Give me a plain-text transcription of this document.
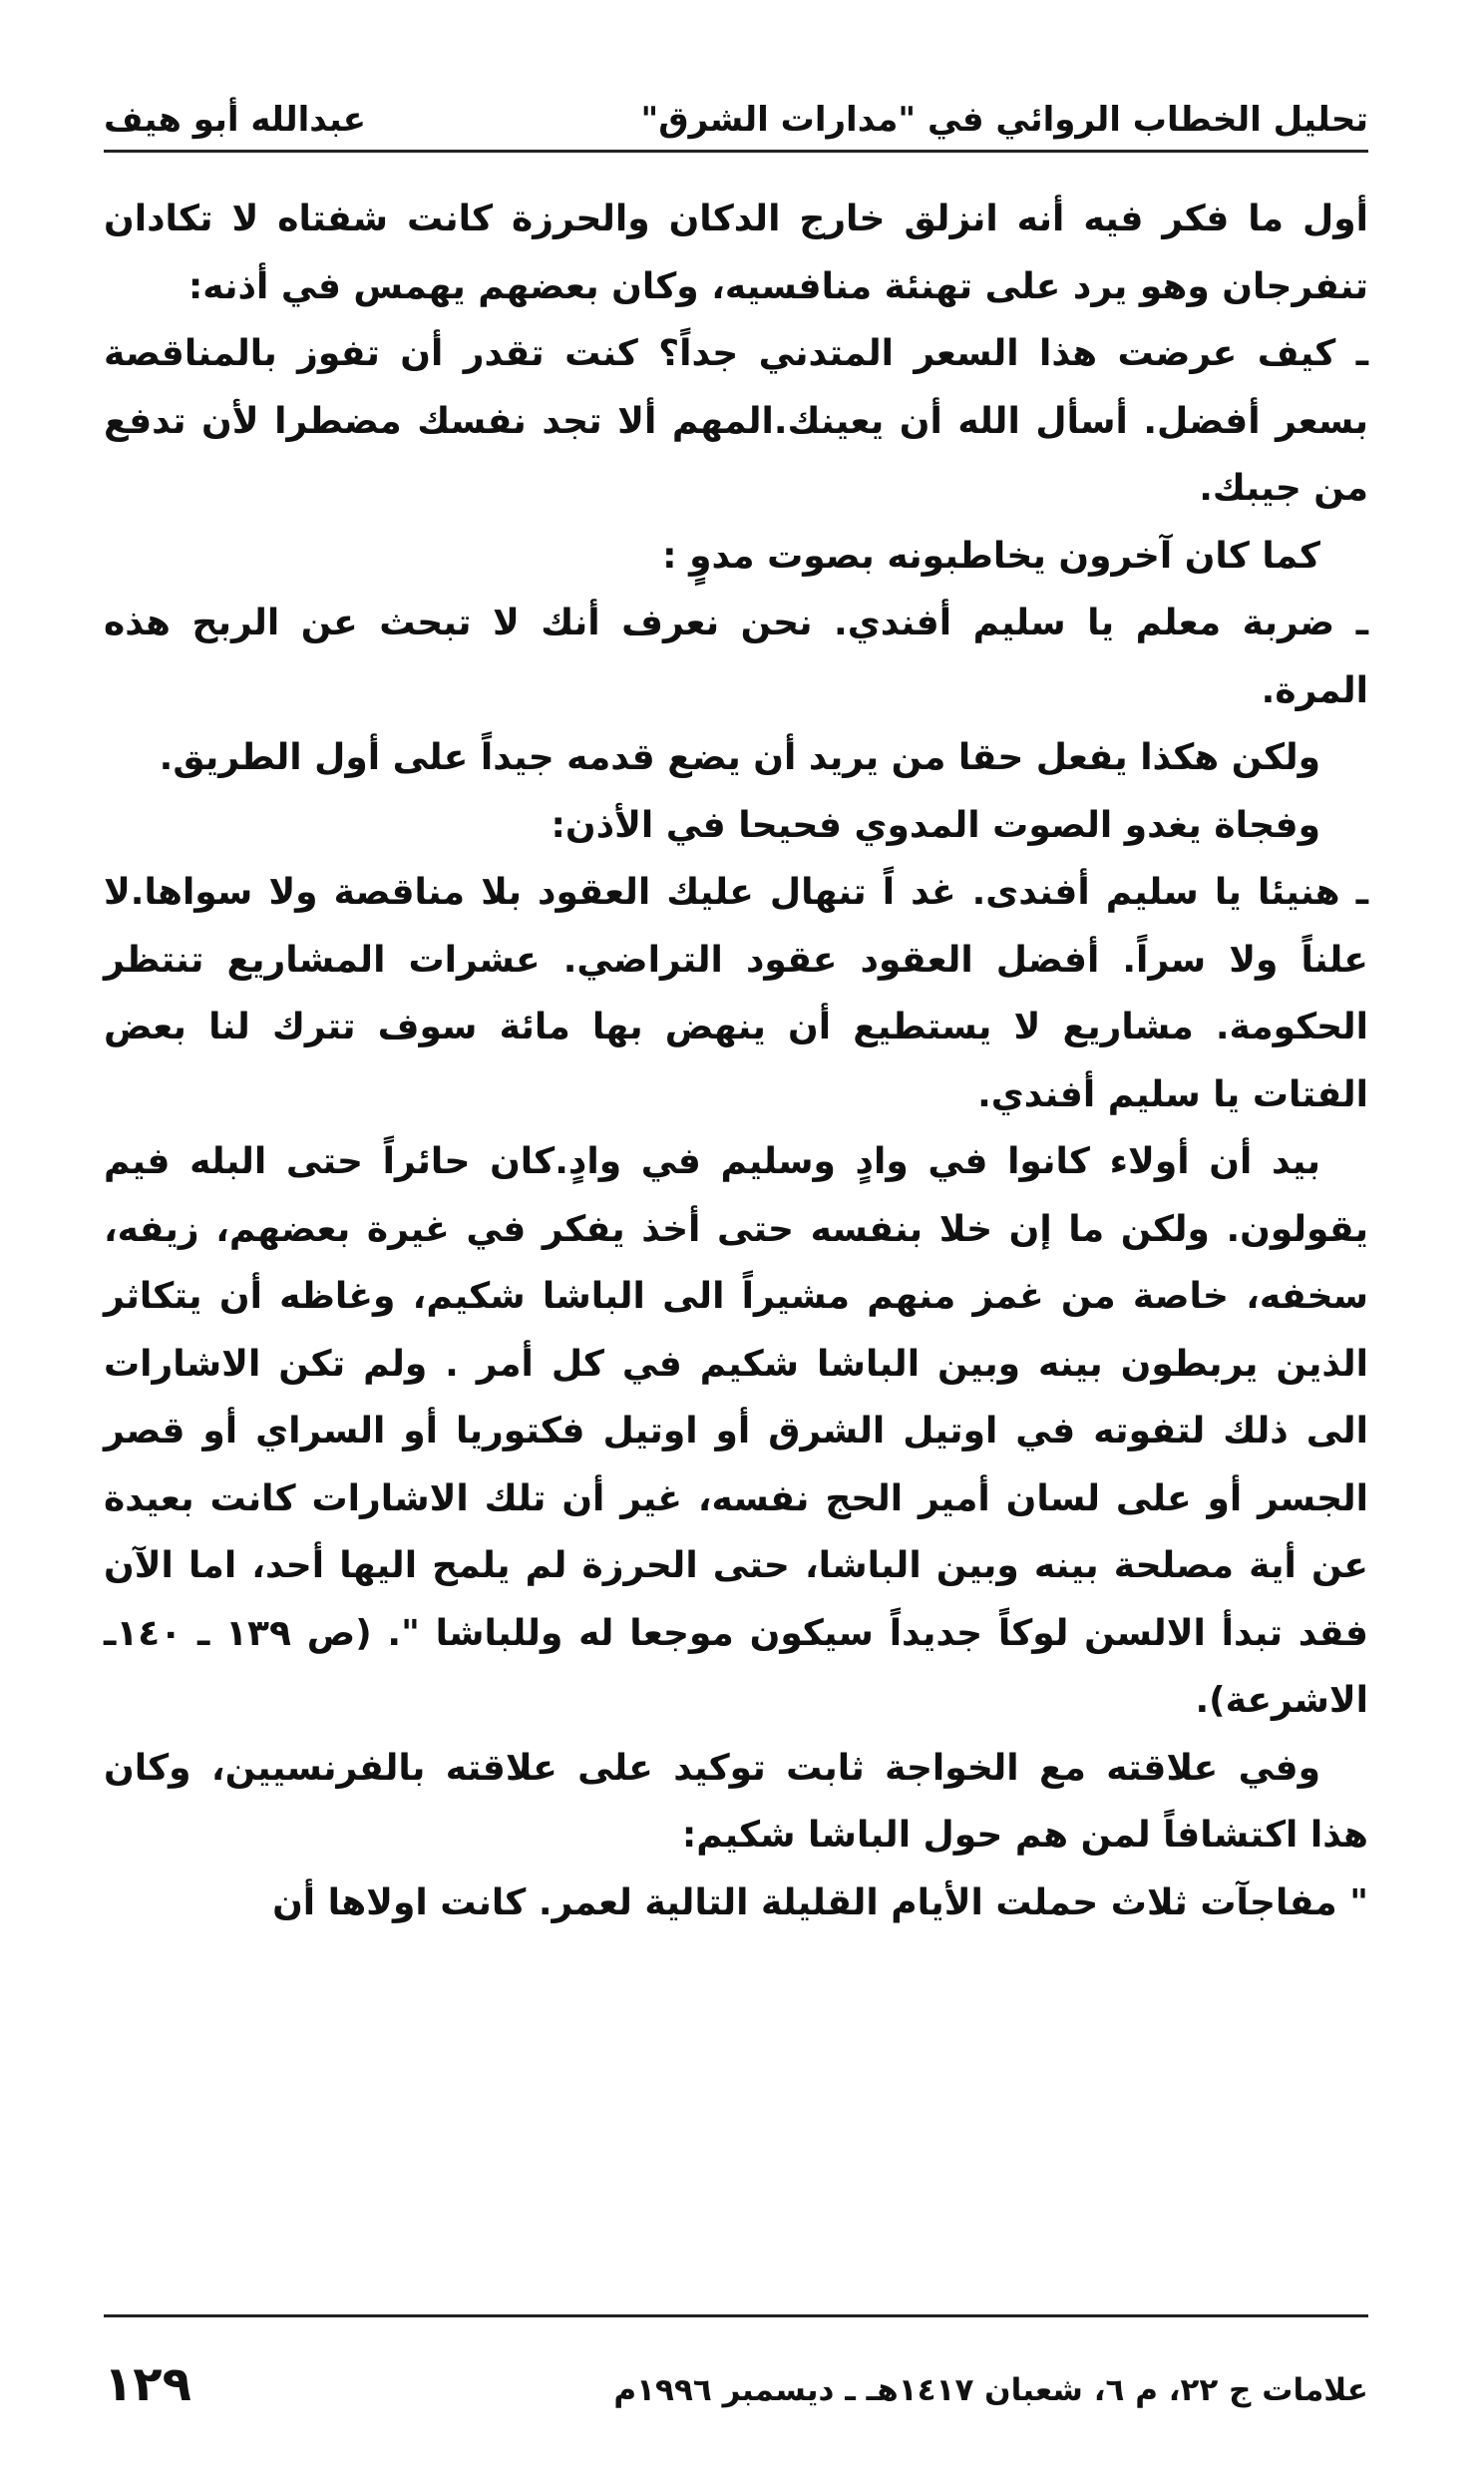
تحليل الخطاب الروائي في "مدارات الشرق"
عبدالله أبو هيف

أول ما فكر فيه أنه انزلق خارج الدكان والحرزة كانت شفتاه لا تكادان تنفرجان وهو يرد على تهنئة منافسيه، وكان بعضهم يهمس في أذنه:

ـ كيف عرضت هذا السعر المتدني جداً؟ كنت تقدر أن تفوز بالمناقصة بسعر أفضل. أسأل الله أن يعينك.المهم ألا تجد نفسك مضطرا لأن تدفع من جيبك.

كما كان آخرون يخاطبونه بصوت مدوٍ :

ـ ضربة معلم يا سليم أفندي. نحن نعرف أنك لا تبحث عن الربح هذه المرة.

ولكن هكذا يفعل حقا من يريد أن يضع قدمه جيداً على أول الطريق.

وفجاة يغدو الصوت المدوي فحيحا في الأذن:

ـ هنيئا يا سليم أفندى. غد اً تنهال عليك العقود بلا مناقصة ولا سواها.لا علناً ولا سراً. أفضل العقود عقود التراضي. عشرات المشاريع تنتظر الحكومة. مشاريع لا يستطيع أن ينهض بها مائة سوف تترك لنا بعض الفتات يا سليم أفندي.

بيد أن أولاء كانوا في وادٍ وسليم في وادٍ.كان حائراً حتى البله فيم يقولون. ولكن ما إن خلا بنفسه حتى أخذ يفكر في غيرة بعضهم، زيفه، سخفه، خاصة من غمز منهم مشيراً الى الباشا شكيم، وغاظه أن يتكاثر الذين يربطون بينه وبين الباشا شكيم في كل أمر . ولم تكن الاشارات الى ذلك لتفوته في اوتيل الشرق أو اوتيل فكتوريا أو السراي أو قصر الجسر أو على لسان أمير الحج نفسه، غير أن تلك الاشارات كانت بعيدة عن أية مصلحة بينه وبين الباشا، حتى الحرزة لم يلمح اليها أحد، اما الآن فقد تبدأ الالسن لوكاً جديداً سيكون موجعا له وللباشا ". (ص ١٣٩ ـ ١٤٠ـ الاشرعة).

وفي علاقته مع الخواجة ثابت توكيد على علاقته بالفرنسيين، وكان هذا اكتشافاً لمن هم حول الباشا شكيم:

" مفاجآت ثلاث حملت الأيام القليلة التالية لعمر. كانت اولاها أن

علامات ج ٢٢، م ٦، شعبان ١٤١٧هـ ـ ديسمبر ١٩٩٦م
١٢٩
